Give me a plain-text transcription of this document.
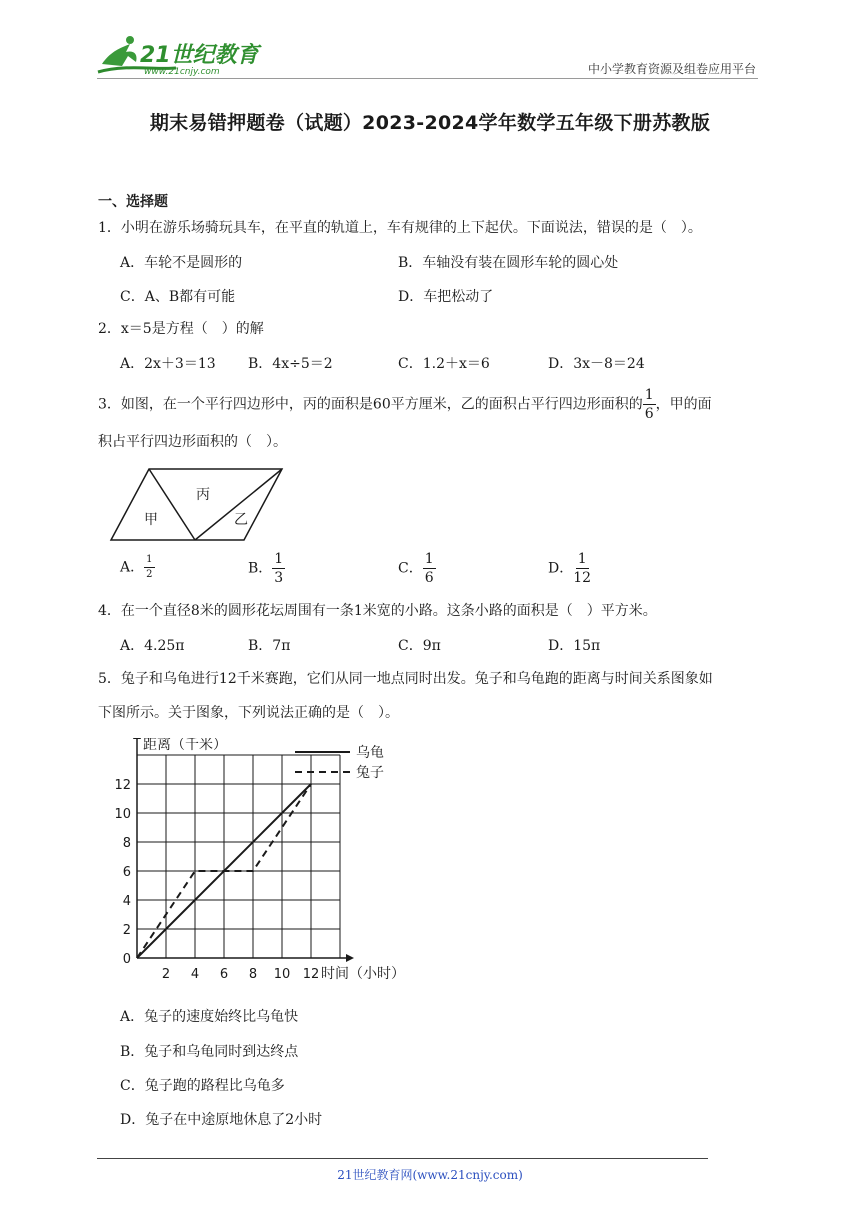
21世纪教育
www.21cnjy.com	中小学教育资源及组卷应用平台
期末易错押题卷（试题）2023-2024学年数学五年级下册苏教版
一、选择题
1．小明在游乐场骑玩具车，在平直的轨道上，车有规律的上下起伏。下面说法，错误的是（　）。
A．车轮不是圆形的	B．车轴没有装在圆形车轮的圆心处
C．A、B都有可能	D．车把松动了
2．x＝5是方程（　）的解
A．2x＋3＝13 B．4x÷5＝2	C．1.2＋x＝6	D．3x－8＝24
3．如图，在一个平行四边形中，丙的面积是60平方厘米，乙的面积占平行四边形面积的 $\frac{1}{6}$ ，甲的面
积占平行四边形面积的（　）。
甲
丙
乙
A． $\frac{1}{2}$	B． $\frac{1}{3}$	C． $\frac{1}{6}$	D． $\frac{1}{12}$
4．在一个直径8米的圆形花坛周围有一条1米宽的小路。这条小路的面积是（　）平方米。
A．4.25π	B．7π	C．9π	D．15π
5．兔子和乌龟进行12千米赛跑，它们从同一地点同时出发。兔子和乌龟跑的距离与时间关系图象如
下图所示。关于图象，下列说法正确的是（　）。
0
2
4
6
8
10
12
2 4 6 8 10 12
距离（千米）
时间（小时）
乌龟
兔子
A．兔子的速度始终比乌龟快
B．兔子和乌龟同时到达终点
C．兔子跑的路程比乌龟多
D．兔子在中途原地休息了2小时
21世纪教育网(www.21cnjy.com)
